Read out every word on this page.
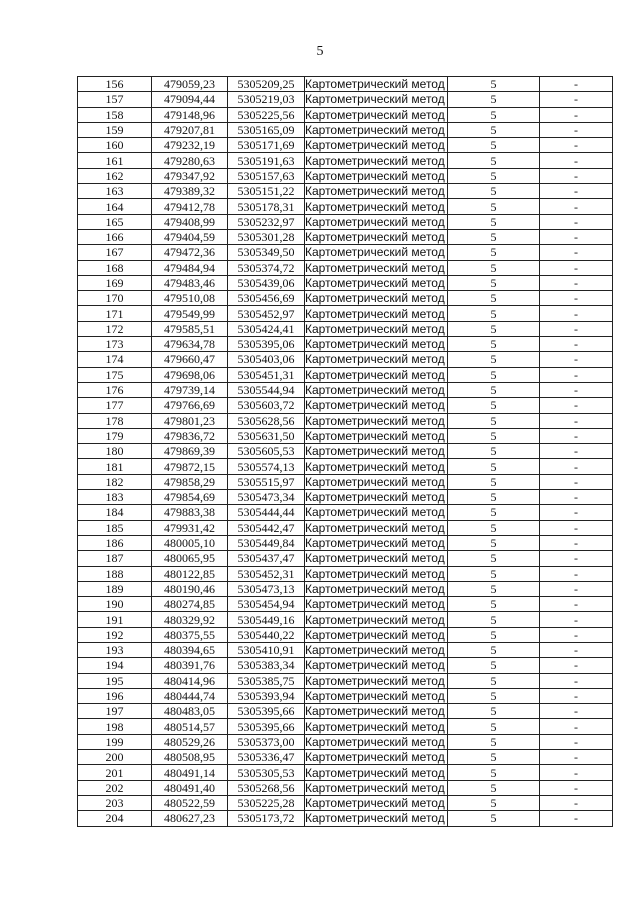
5
156	479059,23	5305209,25	Картометрический метод	5	-
157	479094,44	5305219,03	Картометрический метод	5	-
158	479148,96	5305225,56	Картометрический метод	5	-
159	479207,81	5305165,09	Картометрический метод	5	-
160	479232,19	5305171,69	Картометрический метод	5	-
161	479280,63	5305191,63	Картометрический метод	5	-
162	479347,92	5305157,63	Картометрический метод	5	-
163	479389,32	5305151,22	Картометрический метод	5	-
164	479412,78	5305178,31	Картометрический метод	5	-
165	479408,99	5305232,97	Картометрический метод	5	-
166	479404,59	5305301,28	Картометрический метод	5	-
167	479472,36	5305349,50	Картометрический метод	5	-
168	479484,94	5305374,72	Картометрический метод	5	-
169	479483,46	5305439,06	Картометрический метод	5	-
170	479510,08	5305456,69	Картометрический метод	5	-
171	479549,99	5305452,97	Картометрический метод	5	-
172	479585,51	5305424,41	Картометрический метод	5	-
173	479634,78	5305395,06	Картометрический метод	5	-
174	479660,47	5305403,06	Картометрический метод	5	-
175	479698,06	5305451,31	Картометрический метод	5	-
176	479739,14	5305544,94	Картометрический метод	5	-
177	479766,69	5305603,72	Картометрический метод	5	-
178	479801,23	5305628,56	Картометрический метод	5	-
179	479836,72	5305631,50	Картометрический метод	5	-
180	479869,39	5305605,53	Картометрический метод	5	-
181	479872,15	5305574,13	Картометрический метод	5	-
182	479858,29	5305515,97	Картометрический метод	5	-
183	479854,69	5305473,34	Картометрический метод	5	-
184	479883,38	5305444,44	Картометрический метод	5	-
185	479931,42	5305442,47	Картометрический метод	5	-
186	480005,10	5305449,84	Картометрический метод	5	-
187	480065,95	5305437,47	Картометрический метод	5	-
188	480122,85	5305452,31	Картометрический метод	5	-
189	480190,46	5305473,13	Картометрический метод	5	-
190	480274,85	5305454,94	Картометрический метод	5	-
191	480329,92	5305449,16	Картометрический метод	5	-
192	480375,55	5305440,22	Картометрический метод	5	-
193	480394,65	5305410,91	Картометрический метод	5	-
194	480391,76	5305383,34	Картометрический метод	5	-
195	480414,96	5305385,75	Картометрический метод	5	-
196	480444,74	5305393,94	Картометрический метод	5	-
197	480483,05	5305395,66	Картометрический метод	5	-
198	480514,57	5305395,66	Картометрический метод	5	-
199	480529,26	5305373,00	Картометрический метод	5	-
200	480508,95	5305336,47	Картометрический метод	5	-
201	480491,14	5305305,53	Картометрический метод	5	-
202	480491,40	5305268,56	Картометрический метод	5	-
203	480522,59	5305225,28	Картометрический метод	5	-
204	480627,23	5305173,72	Картометрический метод	5	-
